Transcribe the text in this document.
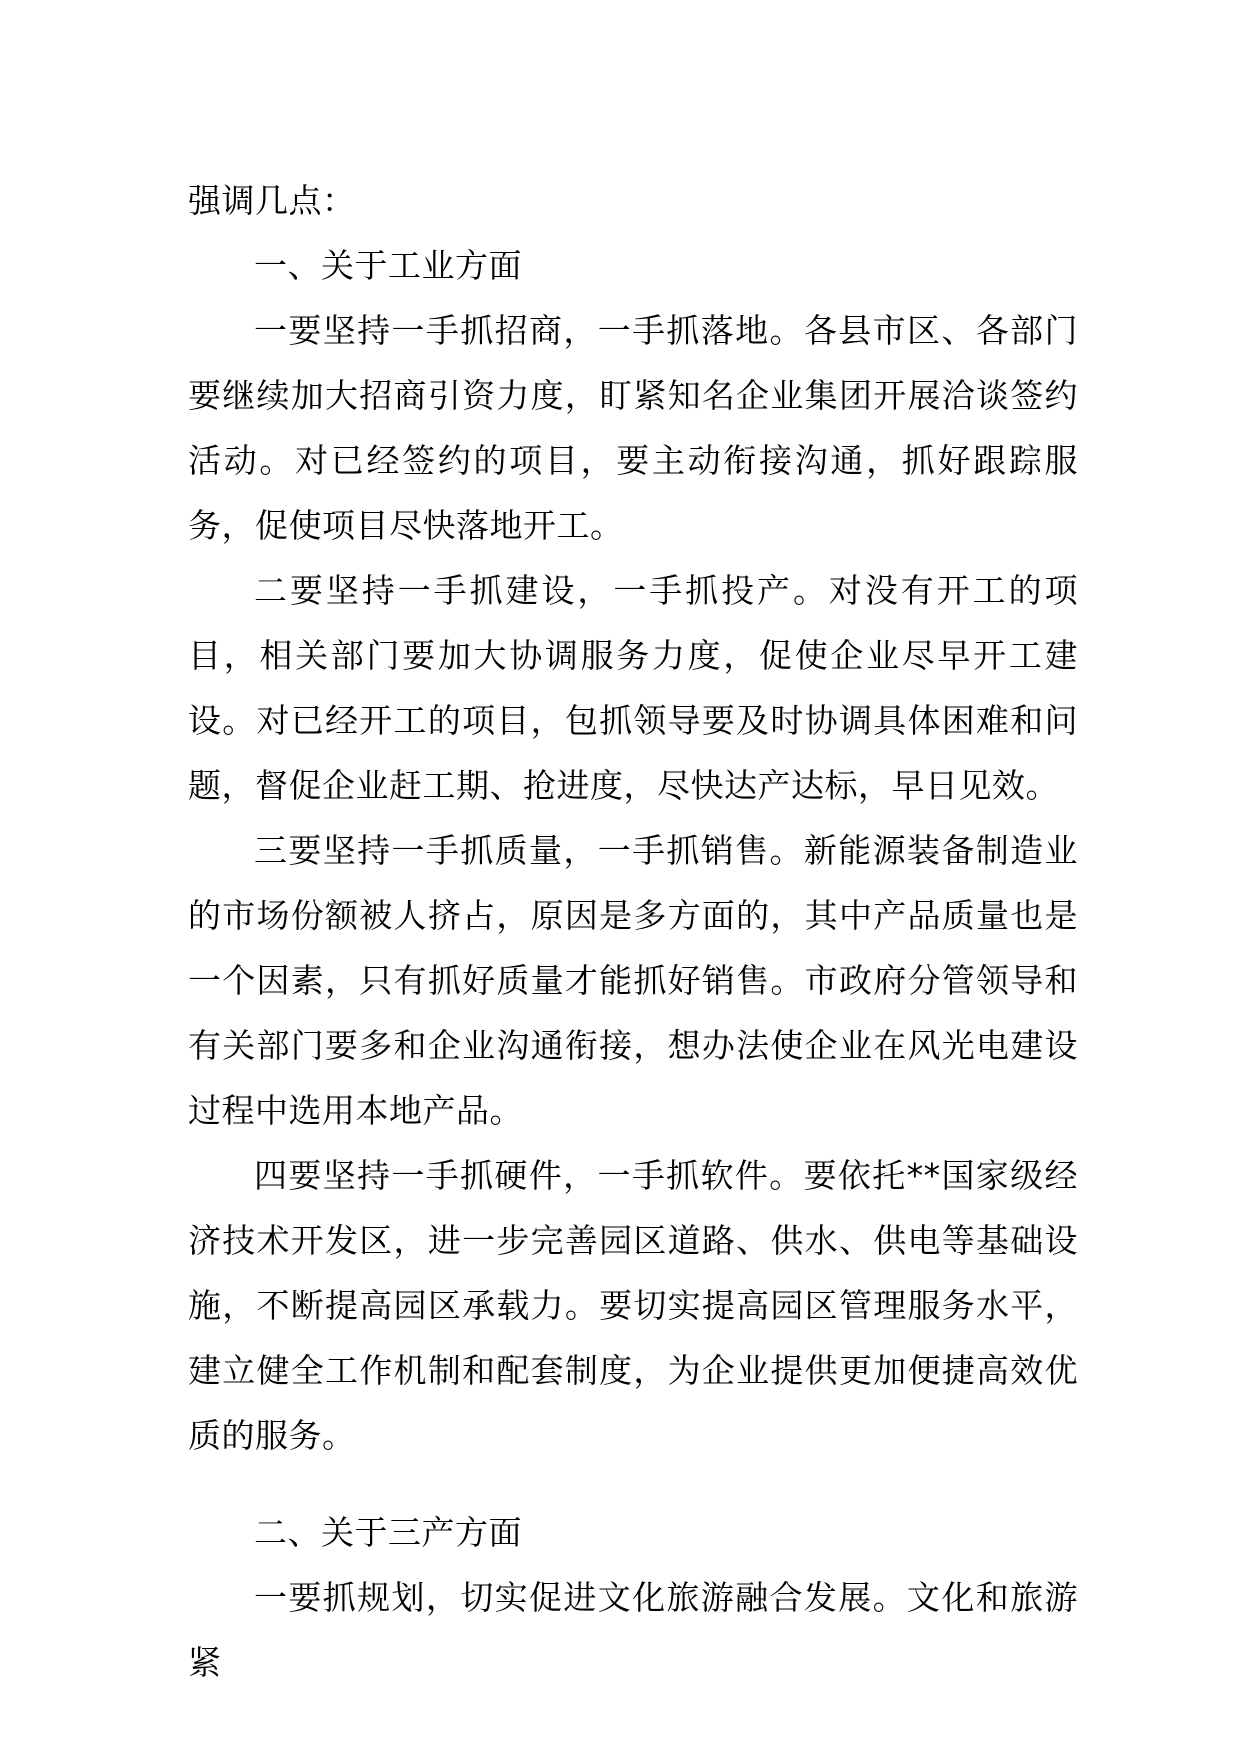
强调几点：

一、关于工业方面

一要坚持一手抓招商，一手抓落地。各县市区、各部门要继续加大招商引资力度，盯紧知名企业集团开展洽谈签约活动。对已经签约的项目，要主动衔接沟通，抓好跟踪服务，促使项目尽快落地开工。

二要坚持一手抓建设，一手抓投产。对没有开工的项目，相关部门要加大协调服务力度，促使企业尽早开工建设。对已经开工的项目，包抓领导要及时协调具体困难和问题，督促企业赶工期、抢进度，尽快达产达标，早日见效。

三要坚持一手抓质量，一手抓销售。新能源装备制造业的市场份额被人挤占，原因是多方面的，其中产品质量也是一个因素，只有抓好质量才能抓好销售。市政府分管领导和有关部门要多和企业沟通衔接，想办法使企业在风光电建设过程中选用本地产品。

四要坚持一手抓硬件，一手抓软件。要依托**国家级经济技术开发区，进一步完善园区道路、供水、供电等基础设施，不断提高园区承载力。要切实提高园区管理服务水平，建立健全工作机制和配套制度，为企业提供更加便捷高效优质的服务。

二、关于三产方面

一要抓规划，切实促进文化旅游融合发展。文化和旅游紧
